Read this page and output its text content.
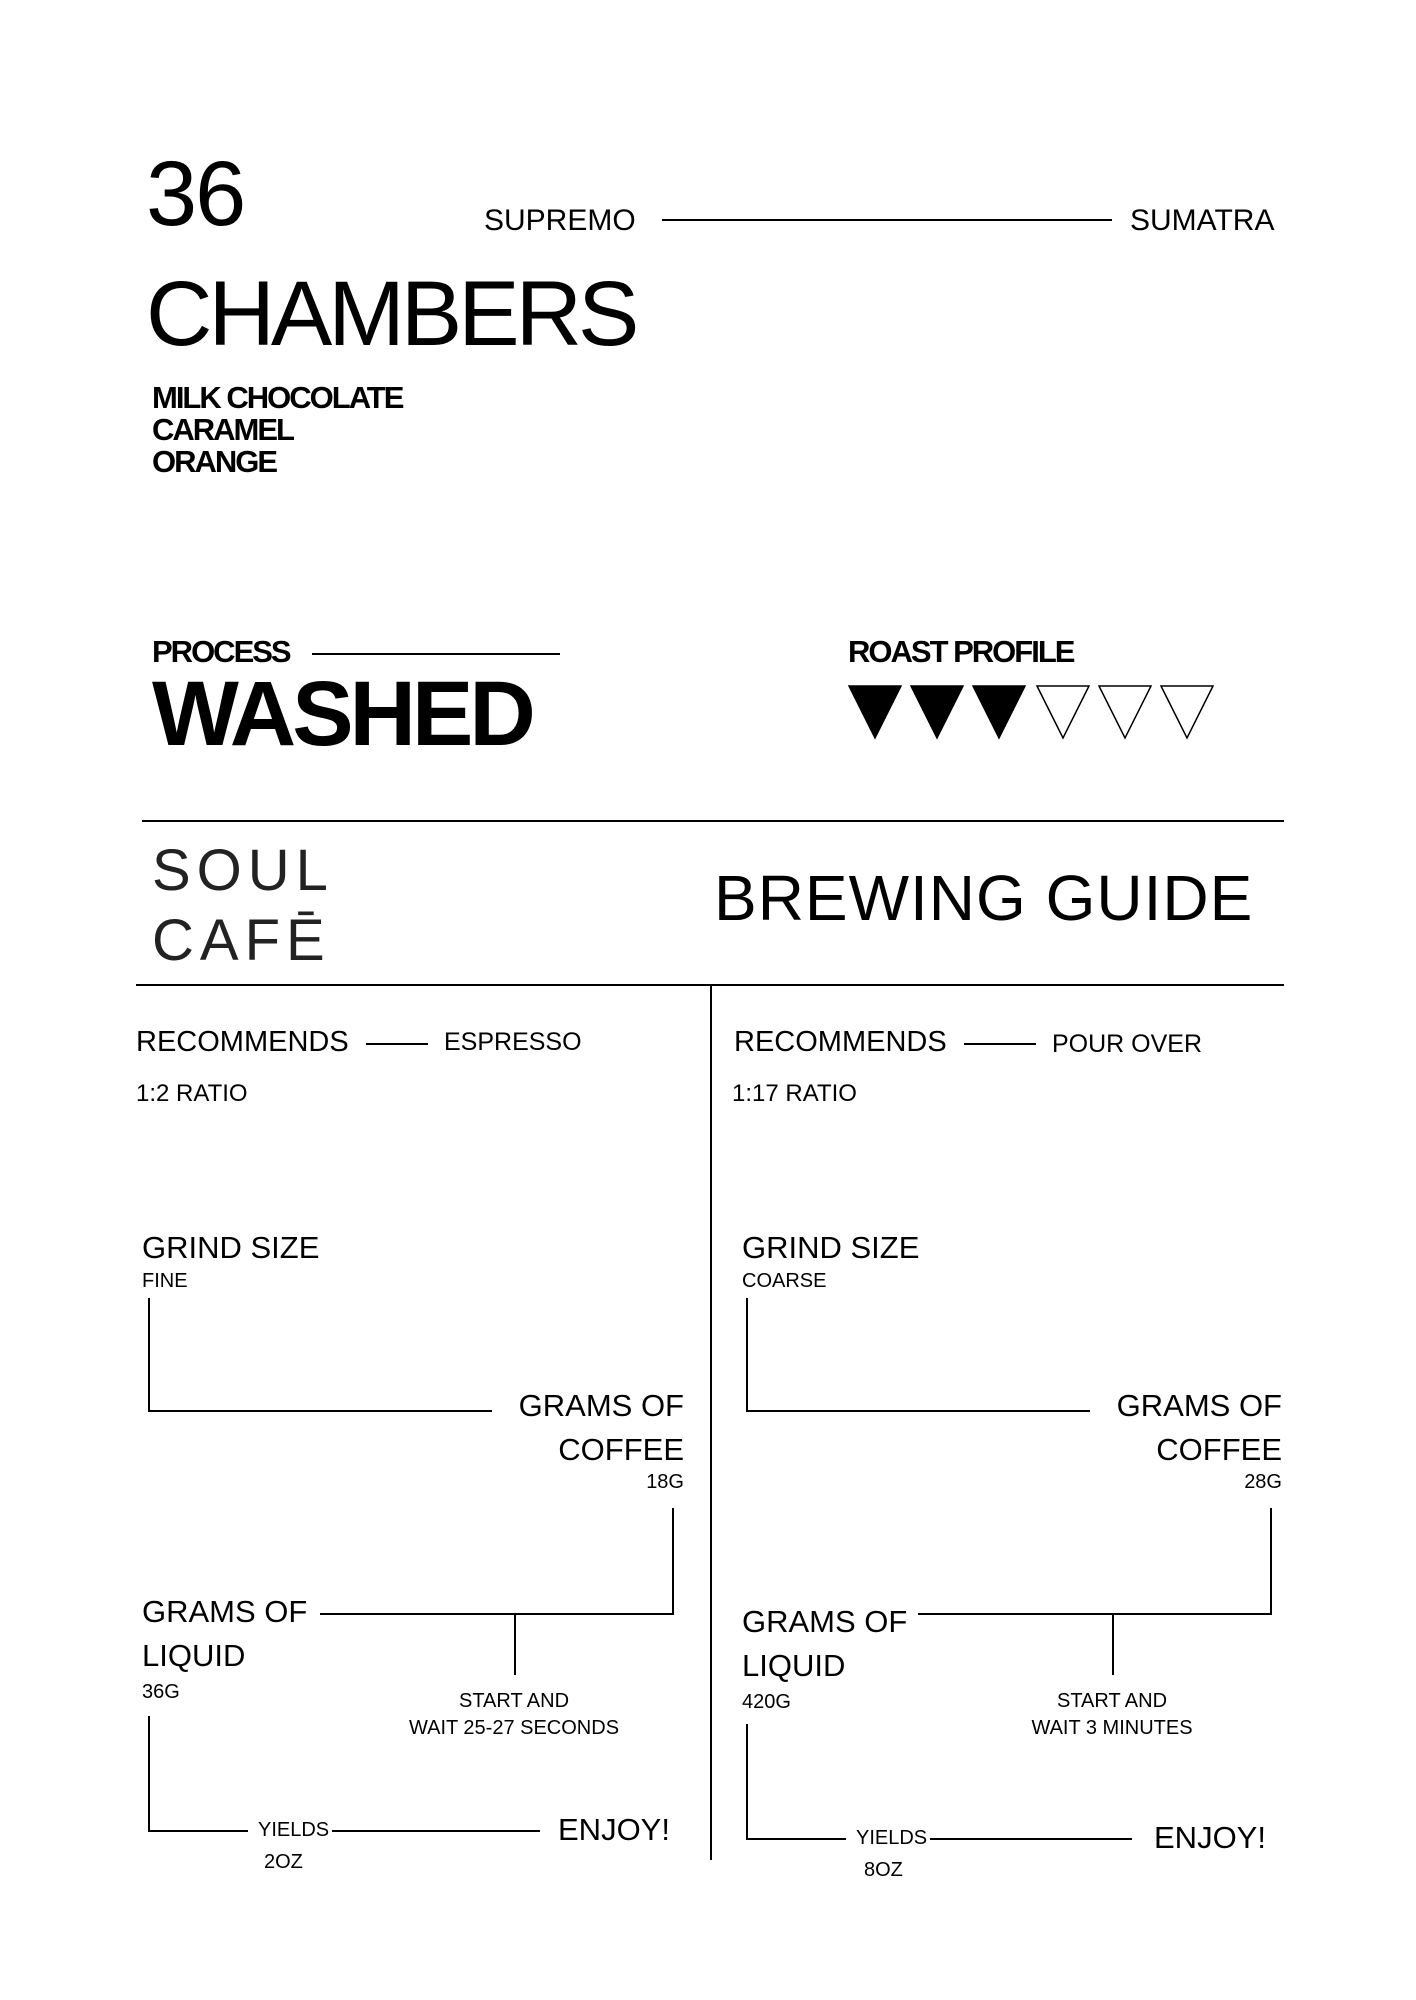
36
CHAMBERS
SUPREMO	SUMATRA
MILK CHOCOLATE
CARAMEL
ORANGE
PROCESS
WASHED
ROAST PROFILE
SOUL
CAFĒ
BREWING GUIDE
RECOMMENDS	ESPRESSO
1:2 RATIO
GRIND SIZE
FINE
GRAMS OF
COFFEE
18G
GRAMS OF
LIQUID
36G	START AND
WAIT 25-27 SECONDS
YIELDS
2OZ
ENJOY!
RECOMMENDS	POUR OVER
1:17 RATIO
GRIND SIZE
COARSE
GRAMS OF
COFFEE
28G
GRAMS OF
LIQUID
420G	START AND
WAIT 3 MINUTES
YIELDS
8OZ
ENJOY!
